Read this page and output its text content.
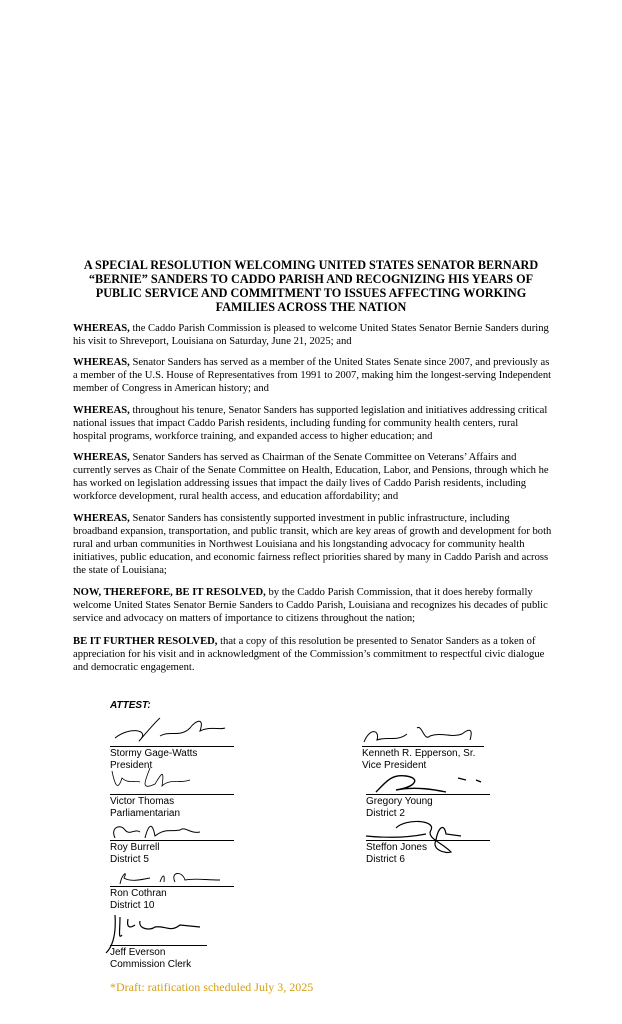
A SPECIAL RESOLUTION WELCOMING UNITED STATES SENATOR BERNARD “BERNIE” SANDERS TO CADDO PARISH AND RECOGNIZING HIS YEARS OF PUBLIC SERVICE AND COMMITMENT TO ISSUES AFFECTING WORKING FAMILIES ACROSS THE NATION

WHEREAS, the Caddo Parish Commission is pleased to welcome United States Senator Bernie Sanders during his visit to Shreveport, Louisiana on Saturday, June 21, 2025; and

WHEREAS, Senator Sanders has served as a member of the United States Senate since 2007, and previously as a member of the U.S. House of Representatives from 1991 to 2007, making him the longest-serving Independent member of Congress in American history; and

WHEREAS, throughout his tenure, Senator Sanders has supported legislation and initiatives addressing critical national issues that impact Caddo Parish residents, including funding for community health centers, rural hospital programs, workforce training, and expanded access to higher education; and

WHEREAS, Senator Sanders has served as Chairman of the Senate Committee on Veterans’ Affairs and currently serves as Chair of the Senate Committee on Health, Education, Labor, and Pensions, through which he has worked on legislation addressing issues that impact the daily lives of Caddo Parish residents, including workforce development, rural health access, and education affordability; and

WHEREAS, Senator Sanders has consistently supported investment in public infrastructure, including broadband expansion, transportation, and public transit, which are key areas of growth and development for both rural and urban communities in Northwest Louisiana and his longstanding advocacy for community health initiatives, public education, and economic fairness reflect priorities shared by many in Caddo Parish and across the state of Louisiana;

NOW, THEREFORE, BE IT RESOLVED, by the Caddo Parish Commission, that it does hereby formally welcome United States Senator Bernie Sanders to Caddo Parish, Louisiana and recognizes his decades of public service and advocacy on matters of importance to citizens throughout the nation;

BE IT FURTHER RESOLVED, that a copy of this resolution be presented to Senator Sanders as a token of appreciation for his visit and in acknowledgment of the Commission’s commitment to respectful civic dialogue and democratic engagement.

ATTEST:
Stormy Gage-Watts
President
Kenneth R. Epperson, Sr.
Vice President
Victor Thomas
Parliamentarian
Gregory Young
District 2
Roy Burrell
District 5
Steffon Jones
District 6
Ron Cothran
District 10
Jeff Everson
Commission Clerk
*Draft: ratification scheduled July 3, 2025
